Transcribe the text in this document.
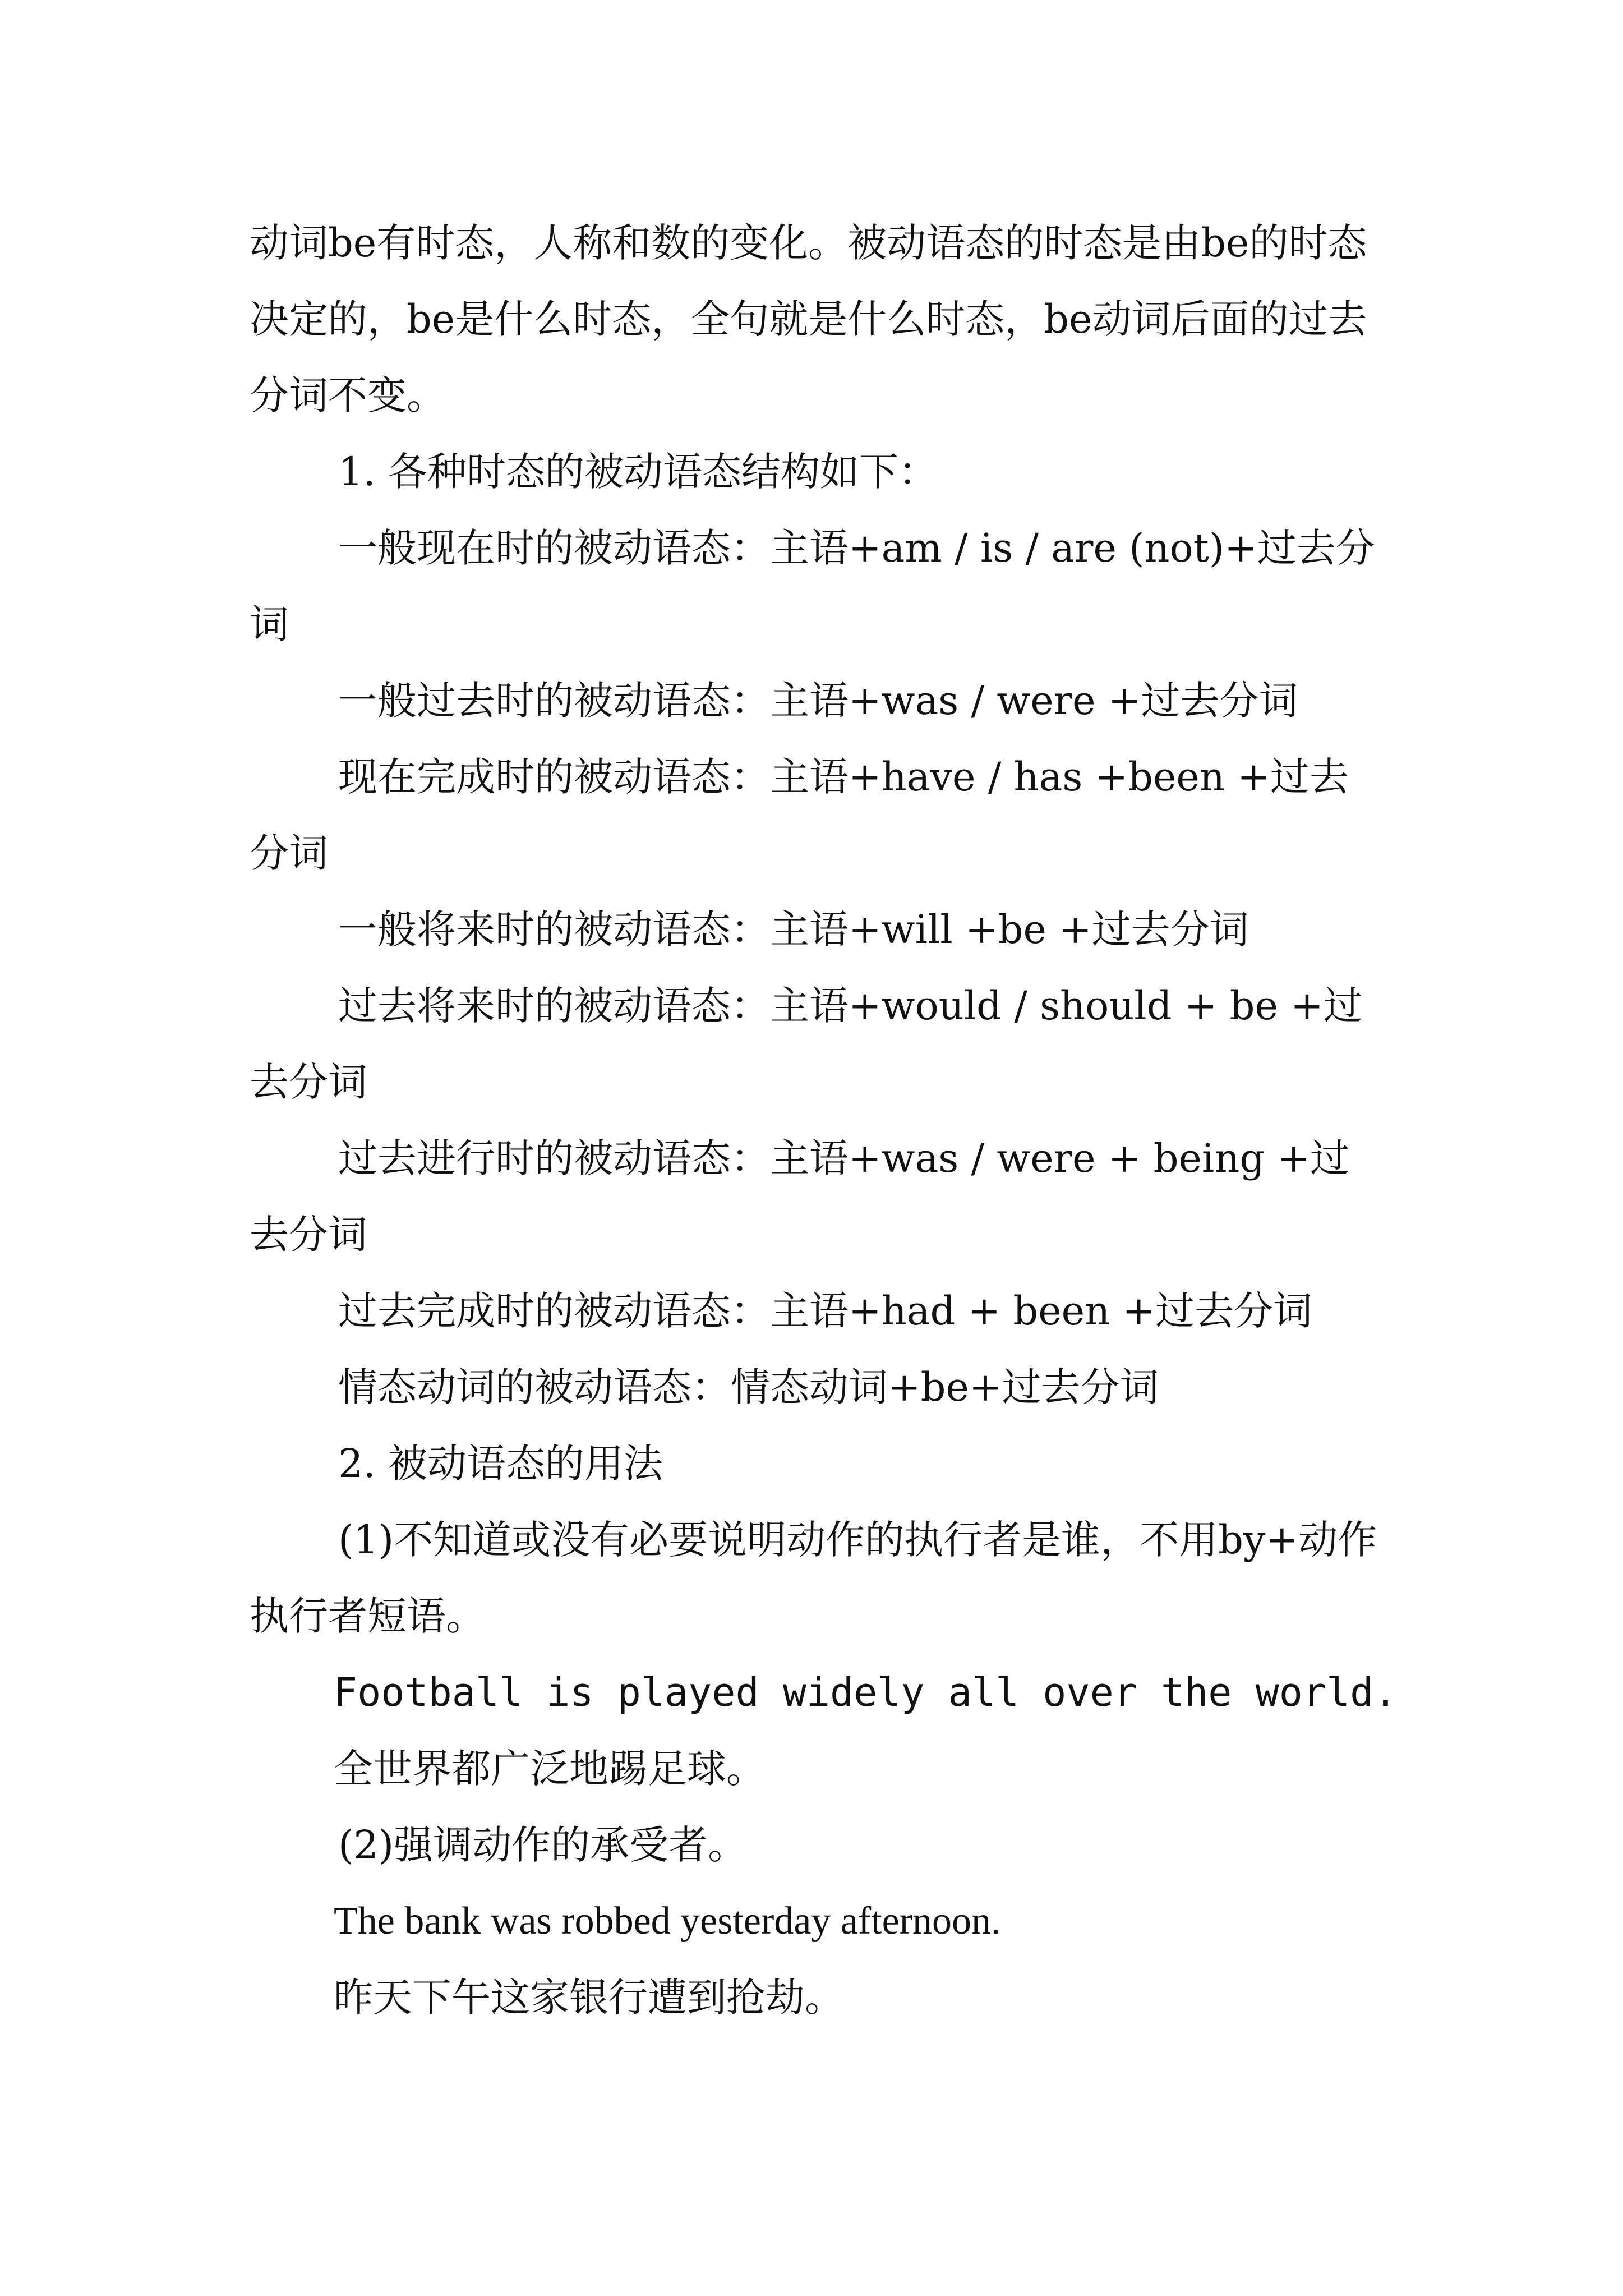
动词be有时态，人称和数的变化。被动语态的时态是由be的时态决定的，be是什么时态，全句就是什么时态，be动词后面的过去分词不变。

1. 各种时态的被动语态结构如下：

一般现在时的被动语态：主语+am / is / are (not)+过去分词

一般过去时的被动语态：主语+was / were +过去分词

现在完成时的被动语态：主语+have / has +been +过去分词

一般将来时的被动语态：主语+will +be +过去分词

过去将来时的被动语态：主语+would / should + be +过去分词

过去进行时的被动语态：主语+was / were + being +过去分词

过去完成时的被动语态：主语+had + been +过去分词

情态动词的被动语态：情态动词+be+过去分词

2. 被动语态的用法

(1)不知道或没有必要说明动作的执行者是谁，不用by+动作执行者短语。

Football is played widely all over the world.

全世界都广泛地踢足球。

(2)强调动作的承受者。

The bank was robbed yesterday afternoon.

昨天下午这家银行遭到抢劫。
